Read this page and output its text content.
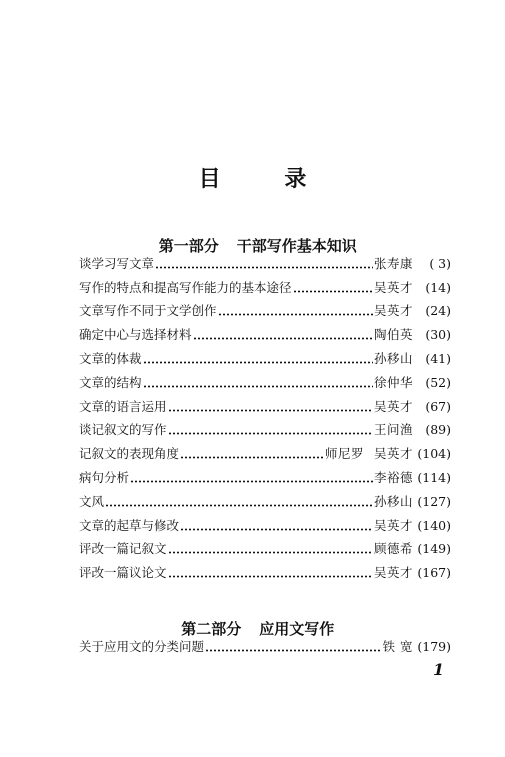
目 录

第一部分 干部写作基本知识

谈学习写文章	张寿康	( 3)
写作的特点和提高写作能力的基本途径	吴英才 (14)
文章写作不同于文学创作	吴英才 (24)
确定中心与选择材料	陶伯英 (30)
文章的体裁	孙移山 (41)
文章的结构	徐仲华 (52)
文章的语言运用	吴英才 (67)
谈记叙文的写作	王问渔 (89)
记叙文的表现角度	师尼罗 吴英才 (104)
病句分析	李裕德 (114)
文风	孙移山 (127)
文章的起草与修改	吴英才 (140)
评改一篇记叙文	顾德希 (149)
评改一篇议论文	吴英才 (167)

第二部分 应用文写作

关于应用文的分类问题	铁 宽 (179)
1
